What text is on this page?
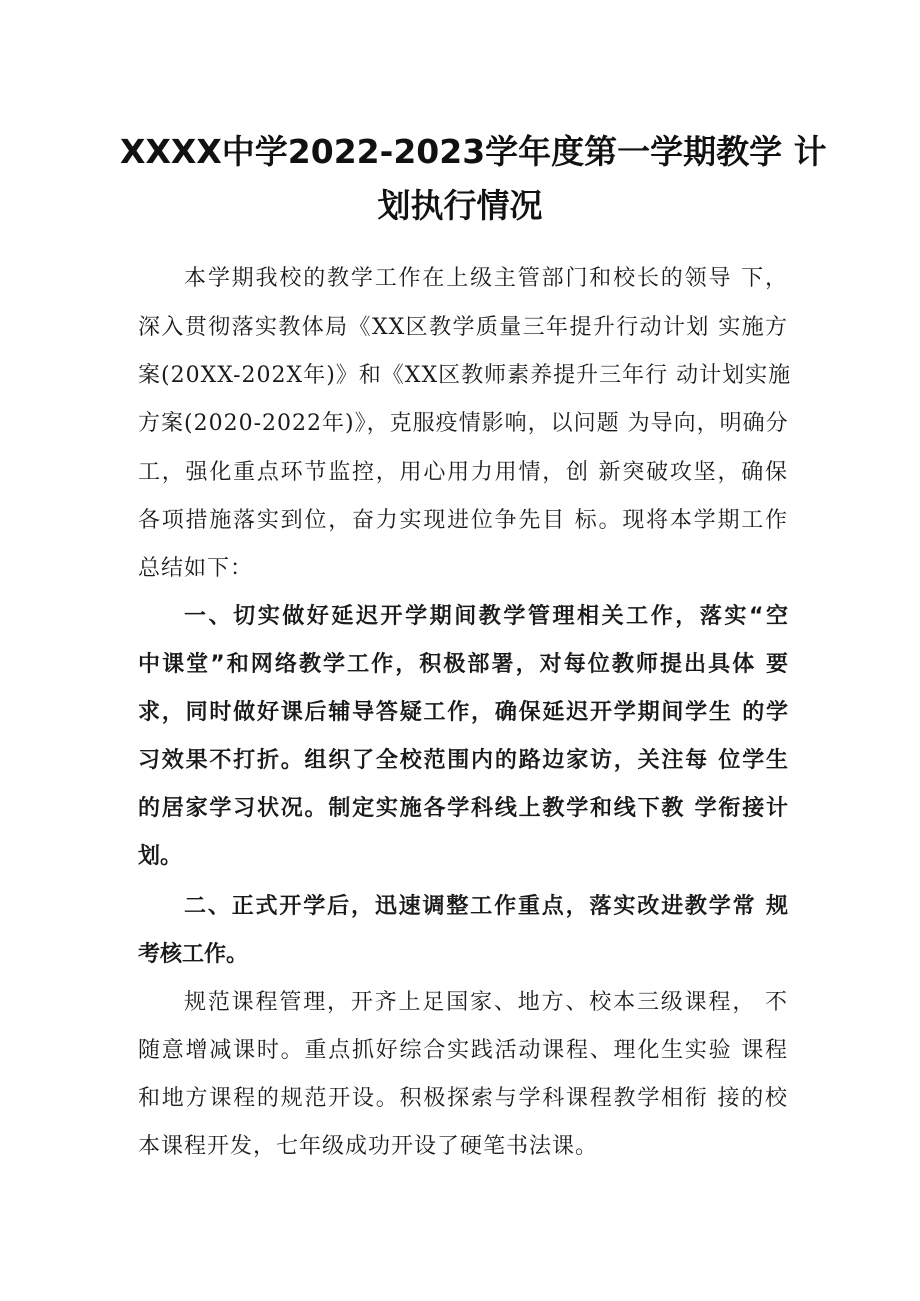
XXXX中学2022-2023学年度第一学期教学 计
划执行情况

本学期我校的教学工作在上级主管部门和校长的领导 下，

深入贯彻落实教体局《XX区教学质量三年提升行动计划 实施方

案(20XX-202X年)》和《XX区教师素养提升三年行 动计划实施

方案(2020-2022年)》，克服疫情影响，以问题 为导向，明确分

工，强化重点环节监控，用心用力用情，创 新突破攻坚，确保

各项措施落实到位，奋力实现进位争先目 标。现将本学期工作

总结如下：

一、切实做好延迟开学期间教学管理相关工作，落实“空

中课堂”和网络教学工作，积极部署，对每位教师提出具体 要

求，同时做好课后辅导答疑工作，确保延迟开学期间学生 的学

习效果不打折。组织了全校范围内的路边家访，关注每 位学生

的居家学习状况。制定实施各学科线上教学和线下教 学衔接计

划。

二、正式开学后，迅速调整工作重点，落实改进教学常 规

考核工作。

规范课程管理，开齐上足国家、地方、校本三级课程， 不

随意增减课时。重点抓好综合实践活动课程、理化生实验 课程

和地方课程的规范开设。积极探索与学科课程教学相衔 接的校

本课程开发，七年级成功开设了硬笔书法课。
